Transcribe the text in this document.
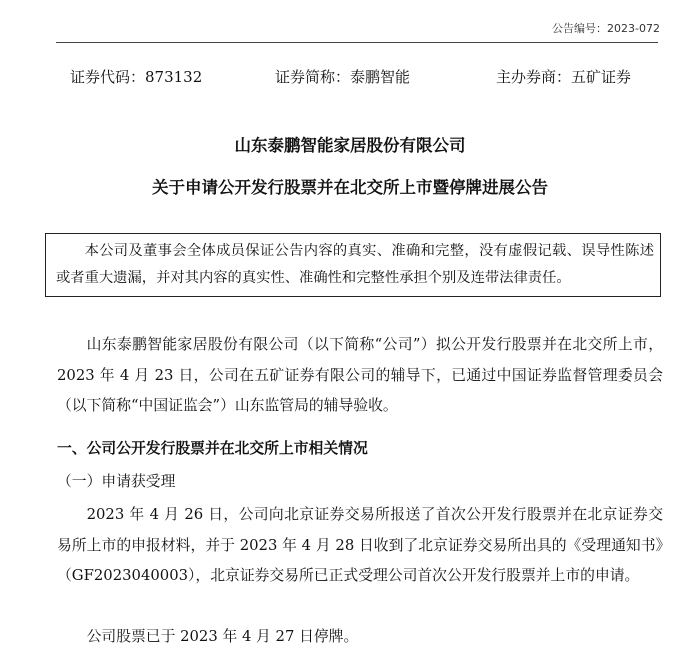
公告编号：2023-072
证券代码：873132	证券简称：泰鹏智能	主办券商：五矿证券
山东泰鹏智能家居股份有限公司
关于申请公开发行股票并在北交所上市暨停牌进展公告
本公司及董事会全体成员保证公告内容的真实、准确和完整，没有虚假记载、误导性陈述或者重大遗漏，并对其内容的真实性、准确性和完整性承担个别及连带法律责任。
山东泰鹏智能家居股份有限公司（以下简称“公司”）拟公开发行股票并在北交所上市，2023 年 4 月 23 日，公司在五矿证券有限公司的辅导下，已通过中国证券监督管理委员会（以下简称“中国证监会”）山东监管局的辅导验收。
一、公司公开发行股票并在北交所上市相关情况
（一）申请获受理
2023 年 4 月 26 日，公司向北京证券交易所报送了首次公开发行股票并在北京证券交易所上市的申报材料，并于 2023 年 4 月 28 日收到了北京证券交易所出具的《受理通知书》（GF2023040003），北京证券交易所已正式受理公司首次公开发行股票并上市的申请。
公司股票已于 2023 年 4 月 27 日停牌。
